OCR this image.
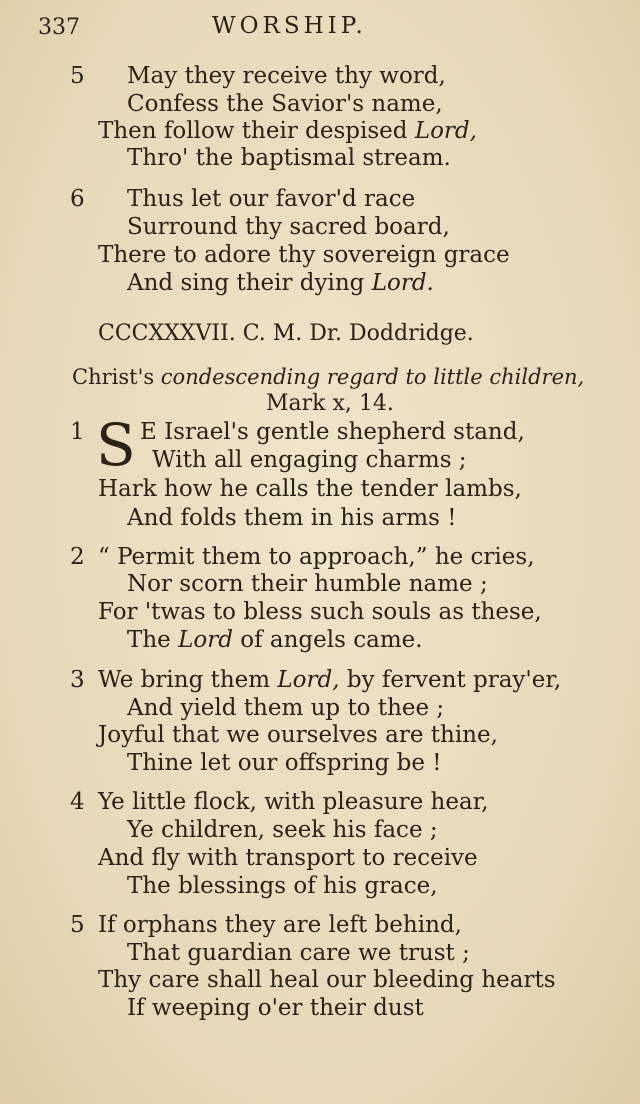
337	WORSHIP.
5 May they receive thy word,
Confess the Savior's name,
Then follow their despised Lord,
Thro' the baptismal stream.
6 Thus let our favor'd race
Surround thy sacred board,
There to adore thy sovereign grace
And sing their dying Lord.
CCCXXXVII. C. M. Dr. Doddridge.
Christ's condescending regard to little children,
Mark x, 14.
S
1 E Israel's gentle shepherd stand,
With all engaging charms ;
Hark how he calls the tender lambs,
And folds them in his arms !
2 “ Permit them to approach,” he cries,
Nor scorn their humble name ;
For 'twas to bless such souls as these,
The Lord of angels came.
3 We bring them Lord, by fervent pray'er,
And yield them up to thee ;
Joyful that we ourselves are thine,
Thine let our offspring be !
4 Ye little flock, with pleasure hear,
Ye children, seek his face ;
And fly with transport to receive
The blessings of his grace,
5 If orphans they are left behind,
That guardian care we trust ;
Thy care shall heal our bleeding hearts
If weeping o'er their dust
